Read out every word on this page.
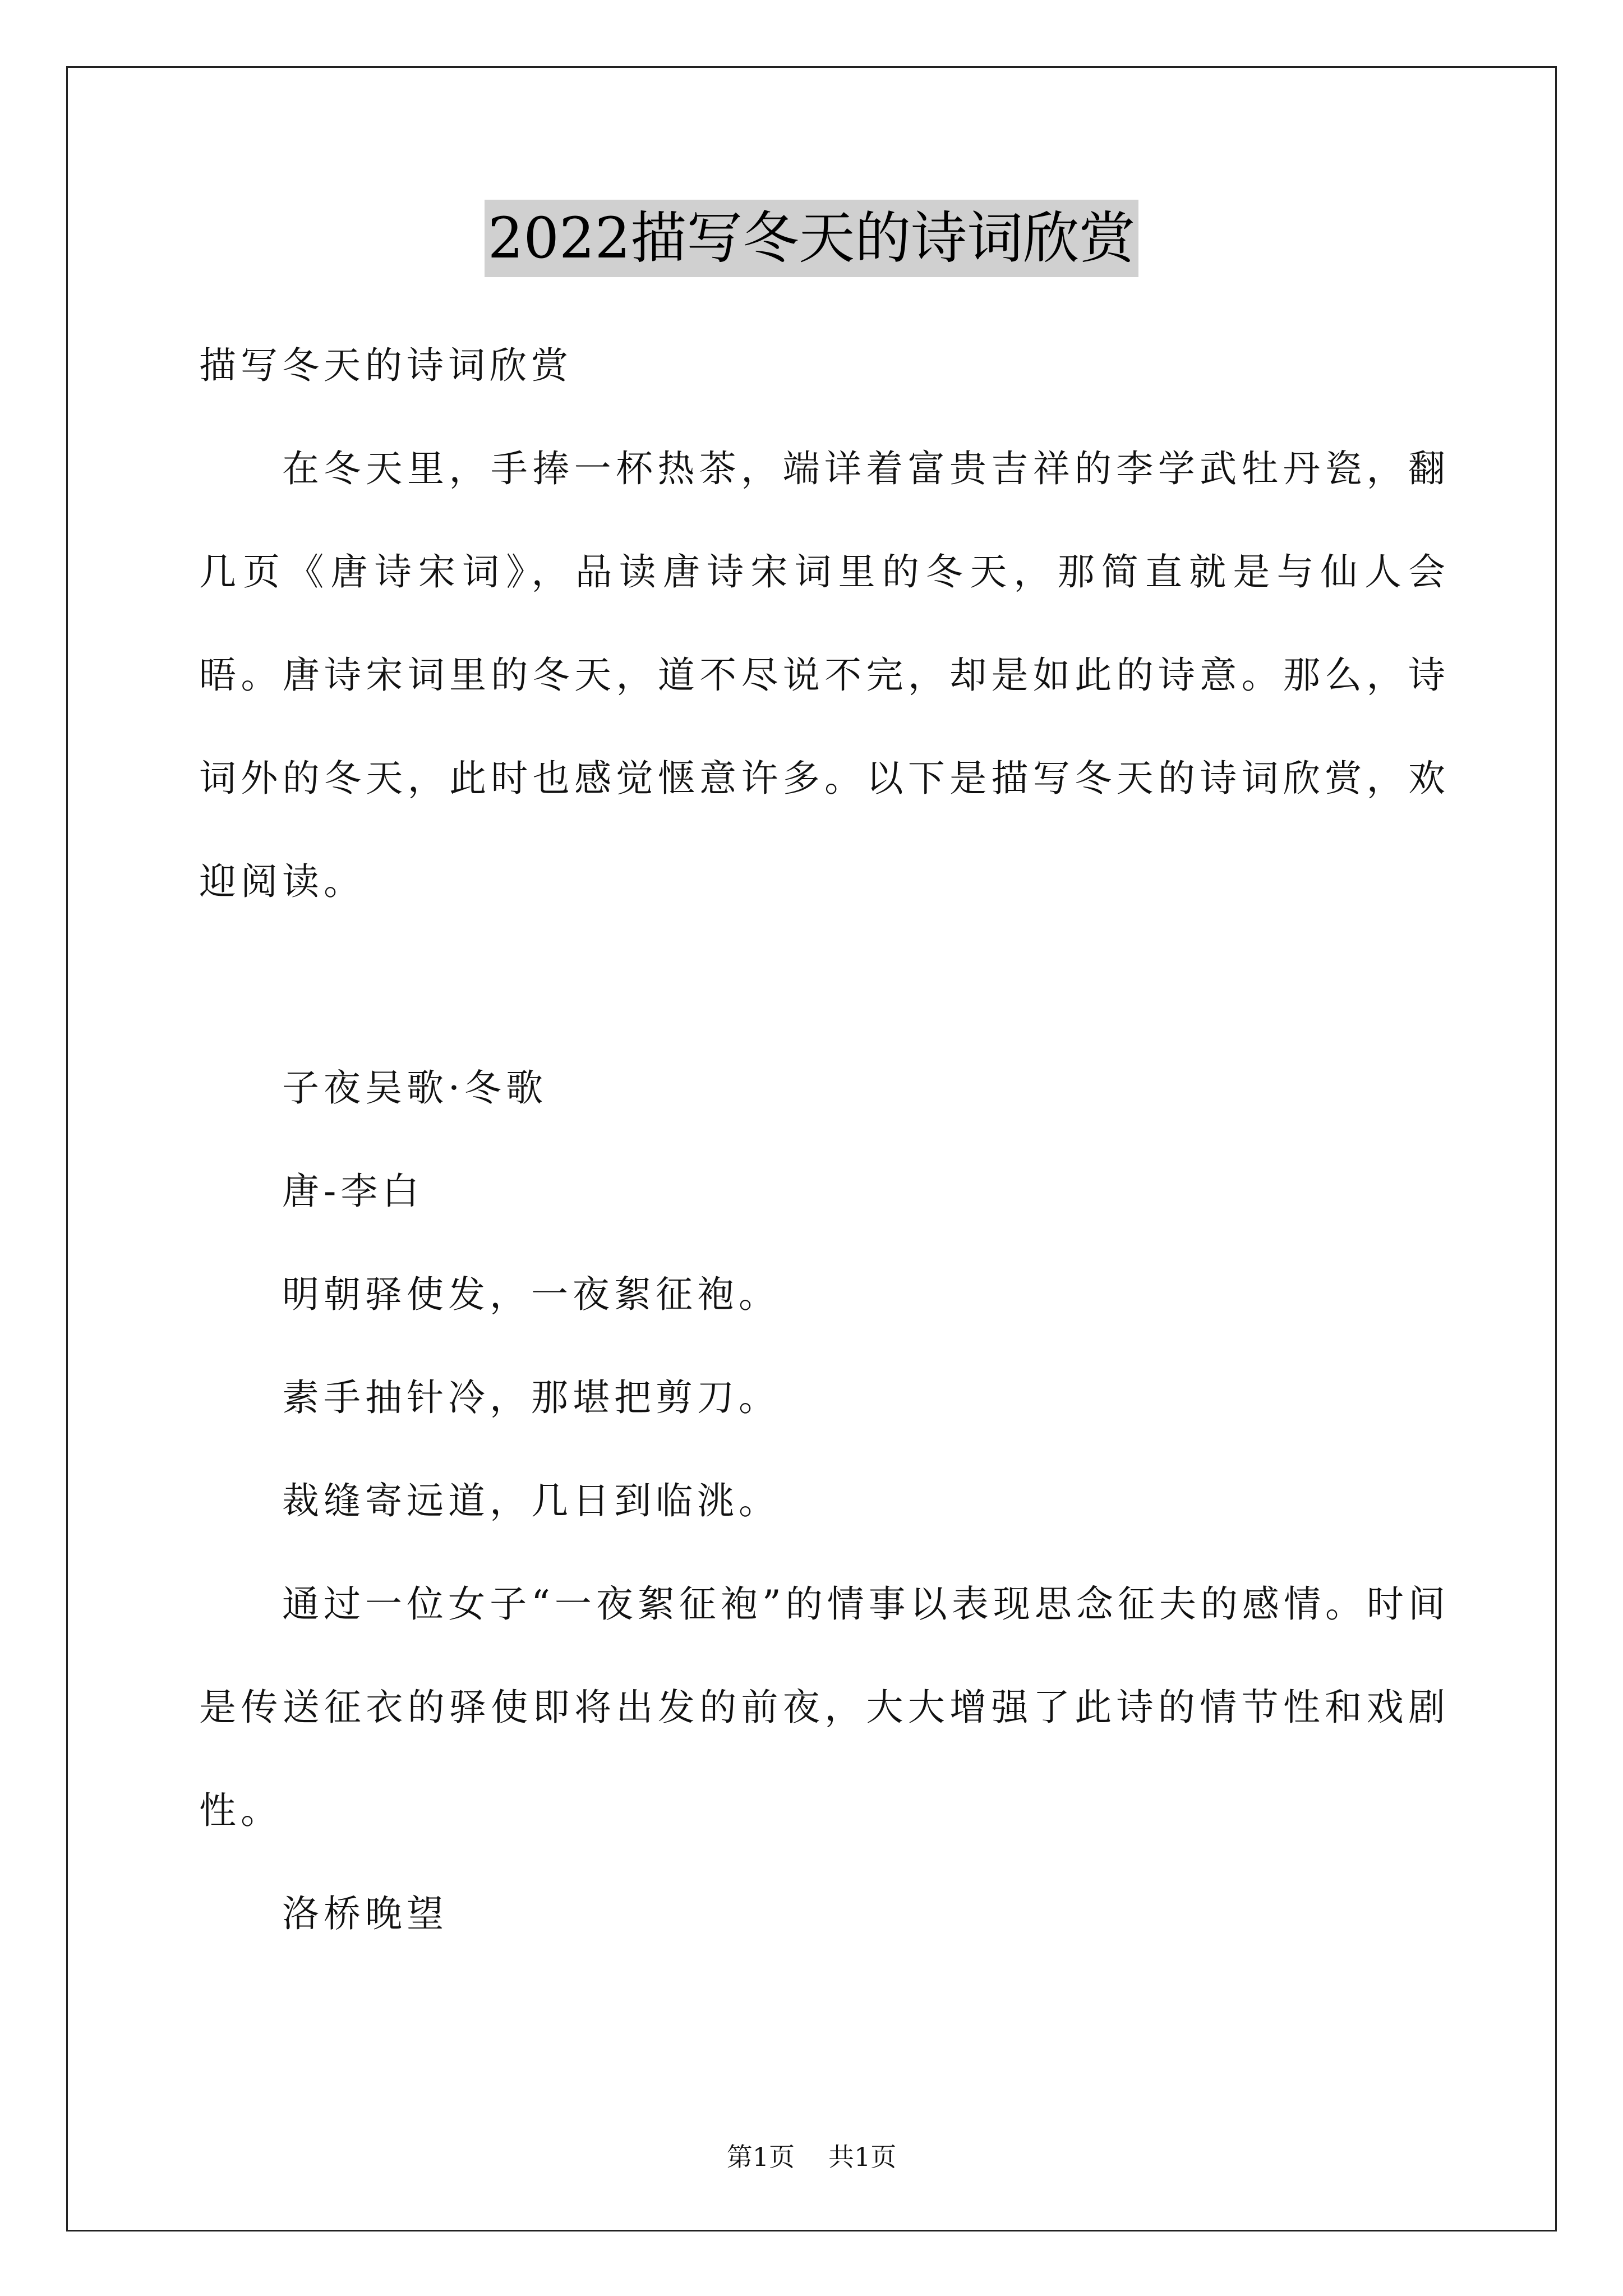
2022描写冬天的诗词欣赏

描写冬天的诗词欣赏

在冬天里，手捧一杯热茶，端详着富贵吉祥的李学武牡丹瓷，翻几页《唐诗宋词》，品读唐诗宋词里的冬天，那简直就是与仙人会晤。唐诗宋词里的冬天，道不尽说不完，却是如此的诗意。那么，诗词外的冬天，此时也感觉惬意许多。以下是描写冬天的诗词欣赏，欢迎阅读。

子夜吴歌·冬歌

唐-李白

明朝驿使发，一夜絮征袍。

素手抽针冷，那堪把剪刀。

裁缝寄远道，几日到临洮。

通过一位女子“一夜絮征袍”的情事以表现思念征夫的感情。时间是传送征衣的驿使即将出发的前夜，大大增强了此诗的情节性和戏剧性。

洛桥晚望

第1页 共1页
